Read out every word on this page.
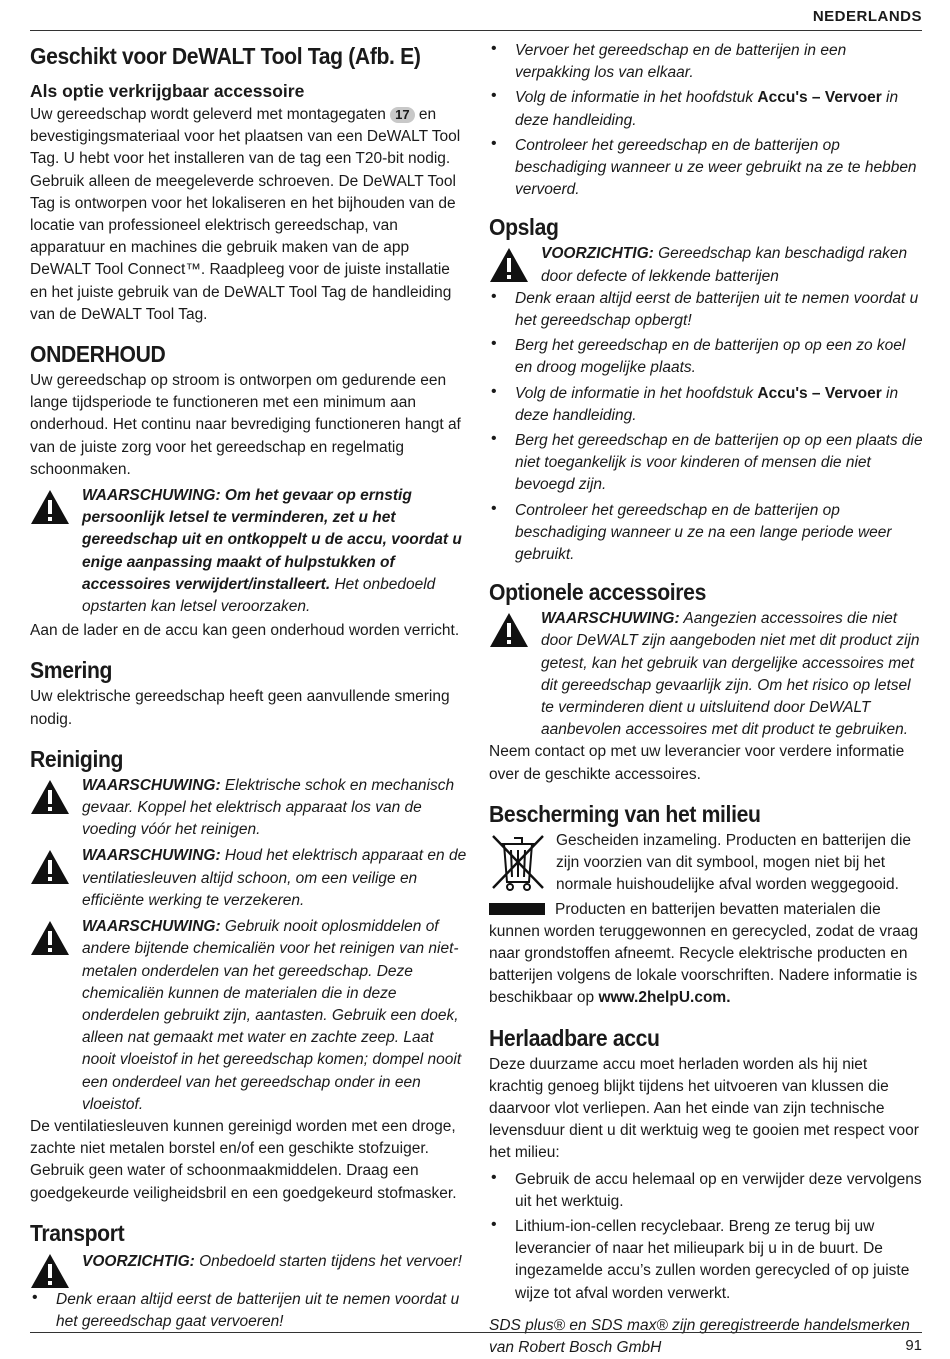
NEDERLANDS
Geschikt voor DeWALT Tool Tag (Afb. E)
Als optie verkrijgbaar accessoire

Uw gereedschap wordt geleverd met montagegaten 17 en bevestigingsmateriaal voor het plaatsen van een DeWALT Tool Tag. U hebt voor het installeren van de tag een T20-bit nodig. Gebruik alleen de meegeleverde schroeven. De DeWALT Tool Tag is ontworpen voor het lokaliseren en het bijhouden van de locatie van professioneel elektrisch gereedschap, van apparatuur en machines die gebruik maken van de app DeWALT Tool Connect™. Raadpleeg voor de juiste installatie en het juiste gebruik van de DeWALT Tool Tag de handleiding van de DeWALT Tool Tag.

ONDERHOUD

Uw gereedschap op stroom is ontworpen om gedurende een lange tijdsperiode te functioneren met een minimum aan onderhoud. Het continu naar bevrediging functioneren hangt af van de juiste zorg voor het gereedschap en regelmatig schoonmaken.

WAARSCHUWING: Om het gevaar op ernstig persoonlijk letsel te verminderen, zet u het gereedschap uit en ontkoppelt u de accu, voordat u enige aanpassing maakt of hulpstukken of accessoires verwijdert/installeert. Het onbedoeld opstarten kan letsel veroorzaken.

Aan de lader en de accu kan geen onderhoud worden verricht.

Smering

Uw elektrische gereedschap heeft geen aanvullende smering nodig.

Reiniging

WAARSCHUWING: Elektrische schok en mechanisch gevaar. Koppel het elektrisch apparaat los van de voeding vóór het reinigen.

WAARSCHUWING: Houd het elektrisch apparaat en de ventilatiesleuven altijd schoon, om een veilige en efficiënte werking te verzekeren.

WAARSCHUWING: Gebruik nooit oplosmiddelen of andere bijtende chemicaliën voor het reinigen van niet-metalen onderdelen van het gereedschap. Deze chemicaliën kunnen de materialen die in deze onderdelen gebruikt zijn, aantasten. Gebruik een doek, alleen nat gemaakt met water en zachte zeep. Laat nooit vloeistof in het gereedschap komen; dompel nooit een onderdeel van het gereedschap onder in een vloeistof.

De ventilatiesleuven kunnen gereinigd worden met een droge, zachte niet metalen borstel en/of een geschikte stofzuiger. Gebruik geen water of schoonmaakmiddelen. Draag een goedgekeurde veiligheidsbril en een goedgekeurd stofmasker.

Transport

VOORZICHTIG: Onbedoeld starten tijdens het vervoer!

• Denk eraan altijd eerst de batterijen uit te nemen voordat u het gereedschap gaat vervoeren!

• Vervoer het gereedschap en de batterijen in een verpakking los van elkaar.

• Volg de informatie in het hoofdstuk Accu's – Vervoer in deze handleiding.

• Controleer het gereedschap en de batterijen op beschadiging wanneer u ze weer gebruikt na ze te hebben vervoerd.

Opslag

VOORZICHTIG: Gereedschap kan beschadigd raken door defecte of lekkende batterijen

• Denk eraan altijd eerst de batterijen uit te nemen voordat u het gereedschap opbergt!

• Berg het gereedschap en de batterijen op op een zo koel en droog mogelijke plaats.

• Volg de informatie in het hoofdstuk Accu's – Vervoer in deze handleiding.

• Berg het gereedschap en de batterijen op op een plaats die niet toegankelijk is voor kinderen of mensen die niet bevoegd zijn.

• Controleer het gereedschap en de batterijen op beschadiging wanneer u ze na een lange periode weer gebruikt.

Optionele accessoires

WAARSCHUWING: Aangezien accessoires die niet door DeWALT zijn aangeboden niet met dit product zijn getest, kan het gebruik van dergelijke accessoires met dit gereedschap gevaarlijk zijn. Om het risico op letsel te verminderen dient u uitsluitend door DeWALT aanbevolen accessoires met dit product te gebruiken.

Neem contact op met uw leverancier voor verdere informatie over de geschikte accessoires.

Bescherming van het milieu

Gescheiden inzameling. Producten en batterijen die zijn voorzien van dit symbool, mogen niet bij het normale huishoudelijke afval worden weggegooid.

Producten en batterijen bevatten materialen die kunnen worden teruggewonnen en gerecycled, zodat de vraag naar grondstoffen afneemt. Recycle elektrische producten en batterijen volgens de lokale voorschriften. Nadere informatie is beschikbaar op www.2helpU.com.

Herlaadbare accu

Deze duurzame accu moet herladen worden als hij niet krachtig genoeg blijkt tijdens het uitvoeren van klussen die daarvoor vlot verliepen. Aan het einde van zijn technische levensduur dient u dit werktuig weg te gooien met respect voor het milieu:

• Gebruik de accu helemaal op en verwijder deze vervolgens uit het werktuig.

• Lithium-ion-cellen recyclebaar. Breng ze terug bij uw leverancier of naar het milieupark bij u in de buurt. De ingezamelde accu’s zullen worden gerecycled of op juiste wijze tot afval worden verwerkt.

SDS plus® en SDS max® zijn geregistreerde handelsmerken van Robert Bosch GmbH	91
